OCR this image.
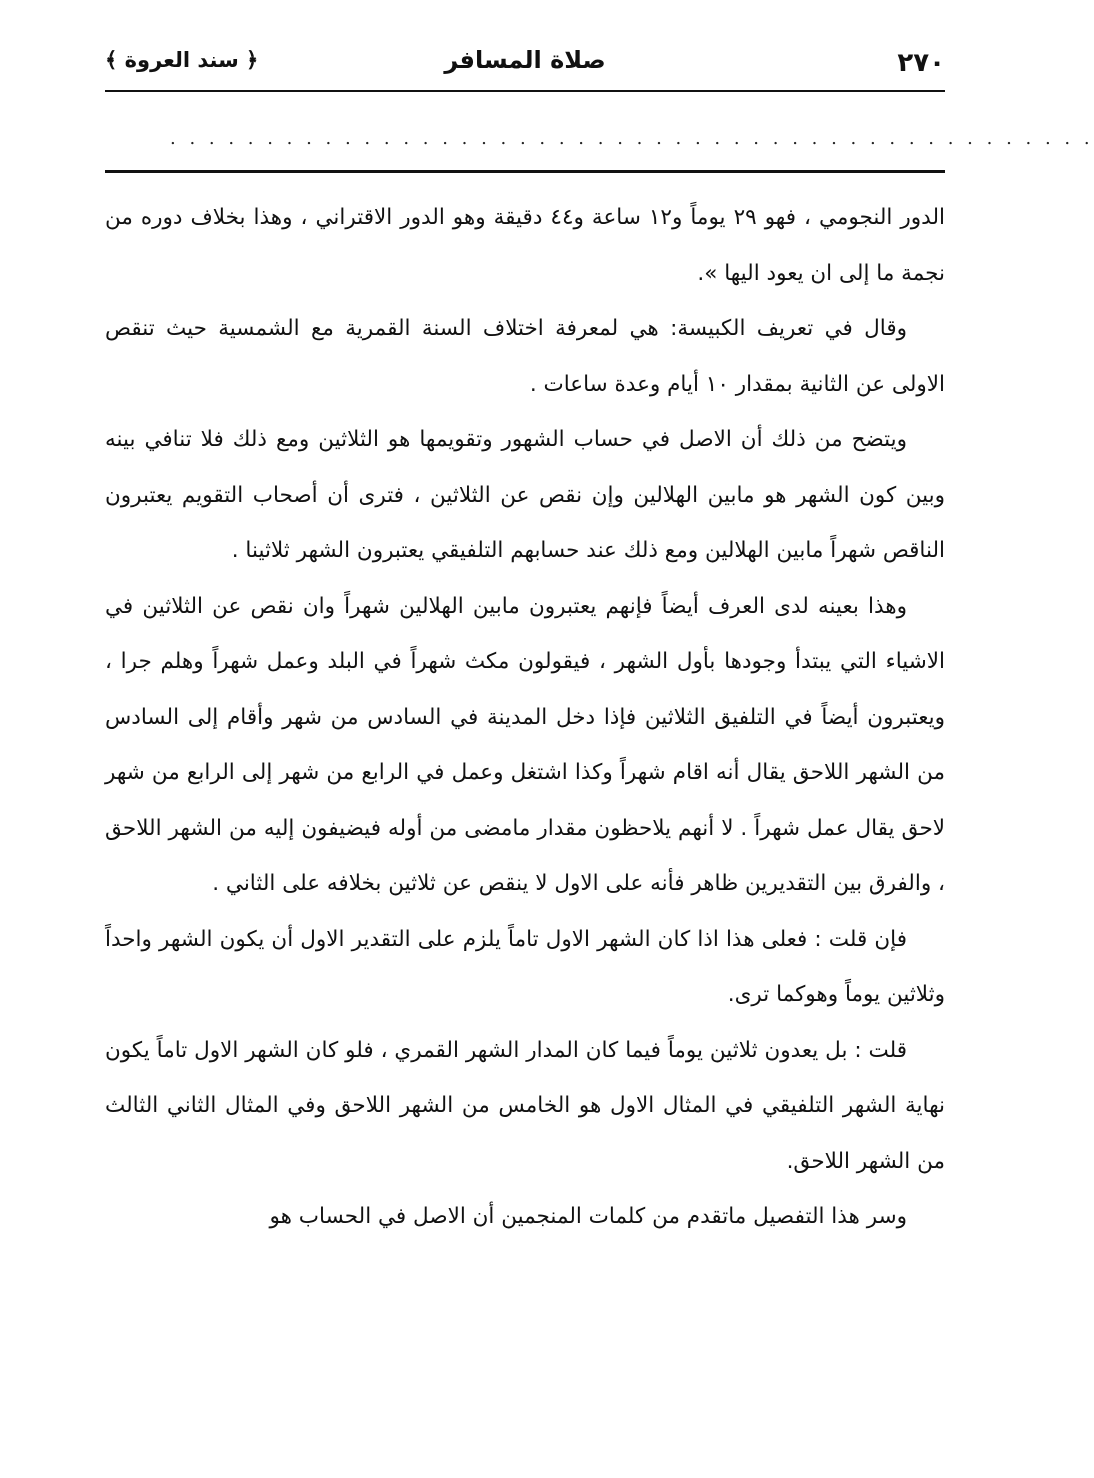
٢٧٠
صلاة المسافر
﴿ سند العروة ﴾
. . . . . . . . . . . . . . . . . . . . . . . . . . . . . . . . . . . . . . . . . . . . . . . .

الدور النجومي ، فهو ٢٩ يوماً و١٢ ساعة و٤٤ دقيقة وهو الدور الاقتراني ، وهذا بخلاف دوره من نجمة ما إلى ان يعود اليها ».

وقال في تعريف الكبيسة: هي لمعرفة اختلاف السنة القمرية مع الشمسية حيث تنقص الاولى عن الثانية بمقدار ١٠ أيام وعدة ساعات .

ويتضح من ذلك أن الاصل في حساب الشهور وتقويمها هو الثلاثين ومع ذلك فلا تنافي بينه وبين كون الشهر هو مابين الهلالين وإن نقص عن الثلاثين ، فترى أن أصحاب التقويم يعتبرون الناقص شهراً مابين الهلالين ومع ذلك عند حسابهم التلفيقي يعتبرون الشهر ثلاثينا .

وهذا بعينه لدى العرف أيضاً فإنهم يعتبرون مابين الهلالين شهراً وان نقص عن الثلاثين في الاشياء التي يبتدأ وجودها بأول الشهر ، فيقولون مكث شهراً في البلد وعمل شهراً وهلم جرا ، ويعتبرون أيضاً في التلفيق الثلاثين فإذا دخل المدينة في السادس من شهر وأقام إلى السادس من الشهر اللاحق يقال أنه اقام شهراً وكذا اشتغل وعمل في الرابع من شهر إلى الرابع من شهر لاحق يقال عمل شهراً . لا أنهم يلاحظون مقدار مامضى من أوله فيضيفون إليه من الشهر اللاحق ، والفرق بين التقديرين ظاهر فأنه على الاول لا ينقص عن ثلاثين بخلافه على الثاني .

فإن قلت : فعلى هذا اذا كان الشهر الاول تاماً يلزم على التقدير الاول أن يكون الشهر واحداً وثلاثين يوماً وهوكما ترى.

قلت : بل يعدون ثلاثين يوماً فيما كان المدار الشهر القمري ، فلو كان الشهر الاول تاماً يكون نهاية الشهر التلفيقي في المثال الاول هو الخامس من الشهر اللاحق وفي المثال الثاني الثالث من الشهر اللاحق.

وسر هذا التفصيل ماتقدم من كلمات المنجمين أن الاصل في الحساب هو
